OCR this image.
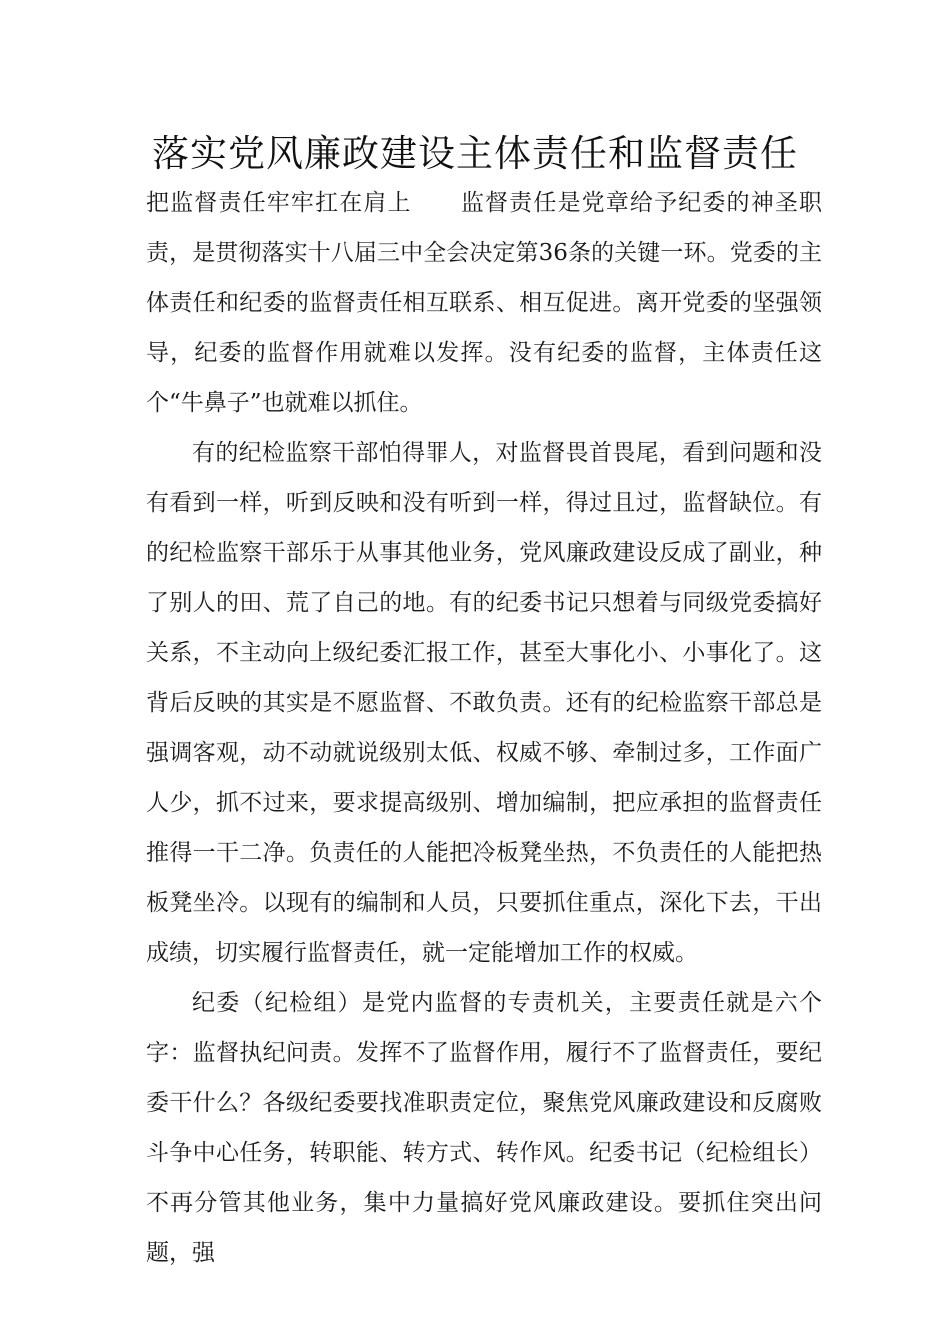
落实党风廉政建设主体责任和监督责任

把监督责任牢牢扛在肩上 监督责任是党章给予纪委的神圣职责，是贯彻落实十八届三中全会决定第36条的关键一环。党委的主体责任和纪委的监督责任相互联系、相互促进。离开党委的坚强领导，纪委的监督作用就难以发挥。没有纪委的监督，主体责任这个“牛鼻子”也就难以抓住。

有的纪检监察干部怕得罪人，对监督畏首畏尾，看到问题和没有看到一样，听到反映和没有听到一样，得过且过，监督缺位。有的纪检监察干部乐于从事其他业务，党风廉政建设反成了副业，种了别人的田、荒了自己的地。有的纪委书记只想着与同级党委搞好关系，不主动向上级纪委汇报工作，甚至大事化小、小事化了。这背后反映的其实是不愿监督、不敢负责。还有的纪检监察干部总是强调客观，动不动就说级别太低、权威不够、牵制过多，工作面广人少，抓不过来，要求提高级别、增加编制，把应承担的监督责任推得一干二净。负责任的人能把冷板凳坐热，不负责任的人能把热板凳坐冷。以现有的编制和人员，只要抓住重点，深化下去，干出成绩，切实履行监督责任，就一定能增加工作的权威。

纪委（纪检组）是党内监督的专责机关，主要责任就是六个字：监督执纪问责。发挥不了监督作用，履行不了监督责任，要纪委干什么？各级纪委要找准职责定位，聚焦党风廉政建设和反腐败斗争中心任务，转职能、转方式、转作风。纪委书记（纪检组长）不再分管其他业务，集中力量搞好党风廉政建设。要抓住突出问题，强
